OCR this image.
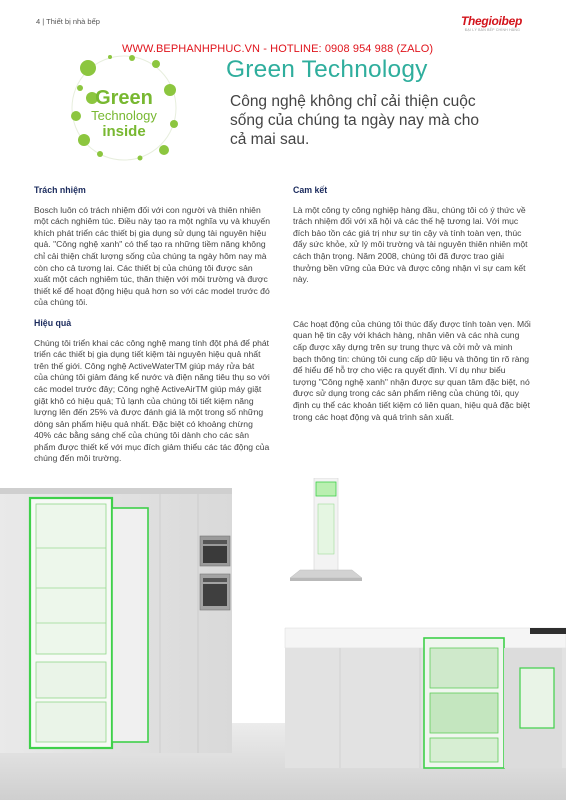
4 | Thiết bị nhà bếp	Thegioibep
ĐẠI LÝ BÁN BẾP CHÍNH HÃNG
WWW.BEPHANHPHUC.VN - HOTLINE: 0908 954 988 (ZALO)
Green
Technology
inside
Green Technology
Công nghệ không chỉ cải thiện cuộc sống của chúng ta ngày nay mà cho cả mai sau.
Trách nhiệm

Bosch luôn có trách nhiệm đối với con người và thiên nhiên một cách nghiêm túc. Điều này tạo ra một nghĩa vụ và khuyến khích phát triển các thiết bị gia dụng sử dụng tài nguyên hiệu quả. "Công nghệ xanh" có thể tạo ra những tiềm năng không chỉ cải thiện chất lượng sống của chúng ta ngày hôm nay mà còn cho cả tương lai. Các thiết bị của chúng tôi được sản xuất một cách nghiêm túc, thân thiện với môi trường và được thiết kế để hoạt động hiệu quả hơn so với các model trước đó của chúng tôi.

Hiệu quả

Chúng tôi triển khai các công nghệ mang tính đột phá để phát triển các thiết bị gia dụng tiết kiệm tài nguyên hiệu quả nhất trên thế giới. Công nghệ ActiveWaterTM giúp máy rửa bát của chúng tôi giảm đáng kể nước và điện năng tiêu thụ so với các model trước đây; Công nghệ ActiveAirTM giúp máy giặt giặt khô có hiệu quả; Tủ lạnh của chúng tôi tiết kiệm năng lượng lên đến 25% và được đánh giá là một trong số những dòng sản phẩm hiệu quả nhất. Đặc biệt có khoảng chừng 40% các bằng sáng chế của chúng tôi dành cho các sản phẩm được thiết kế với mục đích giảm thiểu các tác động của chúng đến môi trường.

Cam kết

Là một công ty công nghiệp hàng đầu, chúng tôi có ý thức về trách nhiệm đối với xã hội và các thế hệ tương lai. Với mục đích bảo tồn các giá trị như sự tin cậy và tính toàn vẹn, thúc đẩy sức khỏe, xử lý môi trường và tài nguyên thiên nhiên một cách thận trọng. Năm 2008, chúng tôi đã được trao giải thưởng bền vững của Đức và được công nhận vì sự cam kết này.

Các hoạt động của chúng tôi thúc đẩy được tính toàn vẹn. Mối quan hệ tin cậy với khách hàng, nhân viên và các nhà cung cấp được xây dựng trên sự trung thực và cởi mở và minh bạch thông tin: chúng tôi cung cấp dữ liệu và thông tin rõ ràng để hiểu để hỗ trợ cho việc ra quyết định. Ví dụ như biểu tượng "Công nghệ xanh" nhận được sự quan tâm đặc biệt, nó được sử dụng trong các sản phẩm riêng của chúng tôi, quy định cụ thể các khoản tiết kiệm có liên quan, hiệu quả đặc biệt trong các hoạt động và quá trình sản xuất.
